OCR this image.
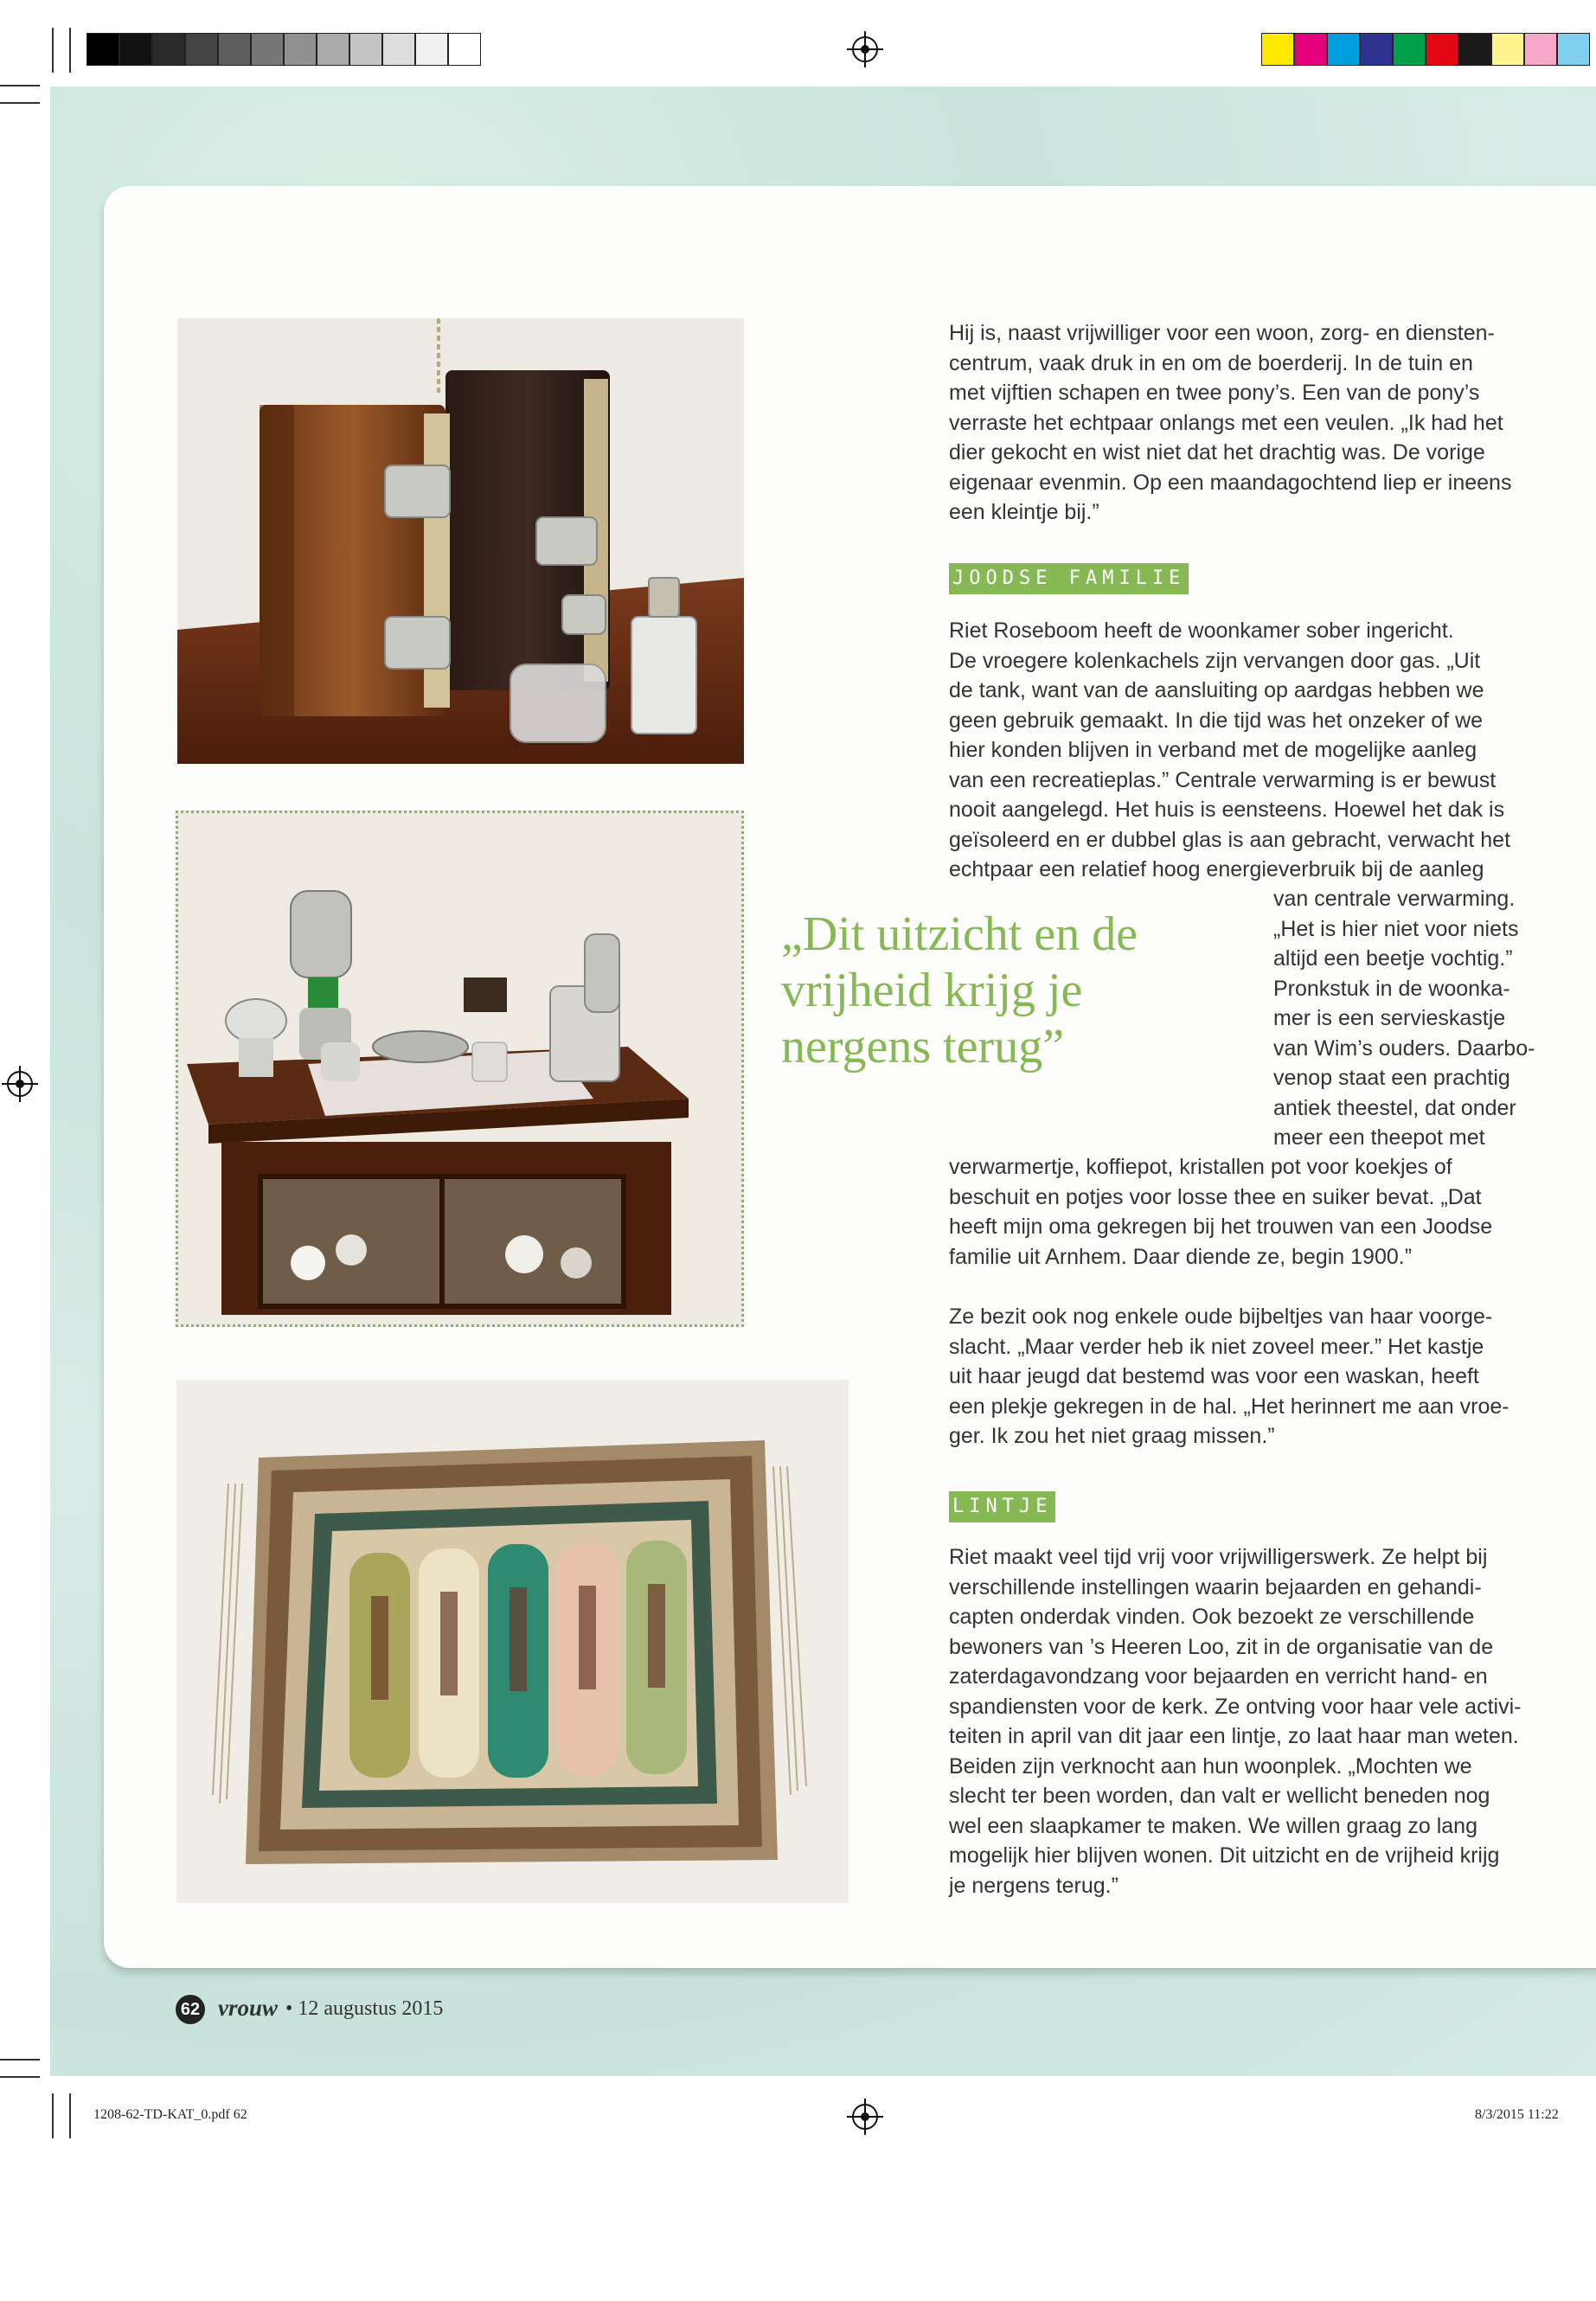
Hij is, naast vrijwilliger voor een woon, zorg- en diensten-
centrum, vaak druk in en om de boerderij. In de tuin en
met vijftien schapen en twee pony’s. Een van de pony’s
verraste het echtpaar onlangs met een veulen. „Ik had het
dier gekocht en wist niet dat het drachtig was. De vorige
eigenaar evenmin. Op een maandagochtend liep er ineens
een kleintje bij.”
JOODSE FAMILIE
Riet Roseboom heeft de woonkamer sober ingericht.
De vroegere kolenkachels zijn vervangen door gas. „Uit
de tank, want van de aansluiting op aardgas hebben we
geen gebruik gemaakt. In die tijd was het onzeker of we
hier konden blijven in verband met de mogelijke aanleg
van een recreatieplas.” Centrale verwarming is er bewust
nooit aangelegd. Het huis is eensteens. Hoewel het dak is
geïsoleerd en er dubbel glas is aan gebracht, verwacht het
echtpaar een relatief hoog energieverbruik bij de aanleg
„Dit uitzicht en de
vrijheid krijg je
nergens terug”
van centrale verwarming.
„Het is hier niet voor niets
altijd een beetje vochtig.”
Pronkstuk in de woonka-
mer is een servieskastje
van Wim’s ouders. Daarbo-
venop staat een prachtig
antiek theestel, dat onder
meer een theepot met
verwarmertje, koffiepot, kristallen pot voor koekjes of
beschuit en potjes voor losse thee en suiker bevat. „Dat
heeft mijn oma gekregen bij het trouwen van een Joodse
familie uit Arnhem. Daar diende ze, begin 1900.”
Ze bezit ook nog enkele oude bijbeltjes van haar voorge-
slacht. „Maar verder heb ik niet zoveel meer.” Het kastje
uit haar jeugd dat bestemd was voor een waskan, heeft
een plekje gekregen in de hal. „Het herinnert me aan vroe-
ger. Ik zou het niet graag missen.”
LINTJE
Riet maakt veel tijd vrij voor vrijwilligerswerk. Ze helpt bij
verschillende instellingen waarin bejaarden en gehandi-
capten onderdak vinden. Ook bezoekt ze verschillende
bewoners van ’s Heeren Loo, zit in de organisatie van de
zaterdagavondzang voor bejaarden en verricht hand- en
spandiensten voor de kerk. Ze ontving voor haar vele activi-
teiten in april van dit jaar een lintje, zo laat haar man weten.
Beiden zijn verknocht aan hun woonplek. „Mochten we
slecht ter been worden, dan valt er wellicht beneden nog
wel een slaapkamer te maken. We willen graag zo lang
mogelijk hier blijven wonen. Dit uitzicht en de vrijheid krijg
je nergens terug.”
62 vrouw • 12 augustus 2015
1208-62-TD-KAT_0.pdf 62	8/3/2015 11:22
